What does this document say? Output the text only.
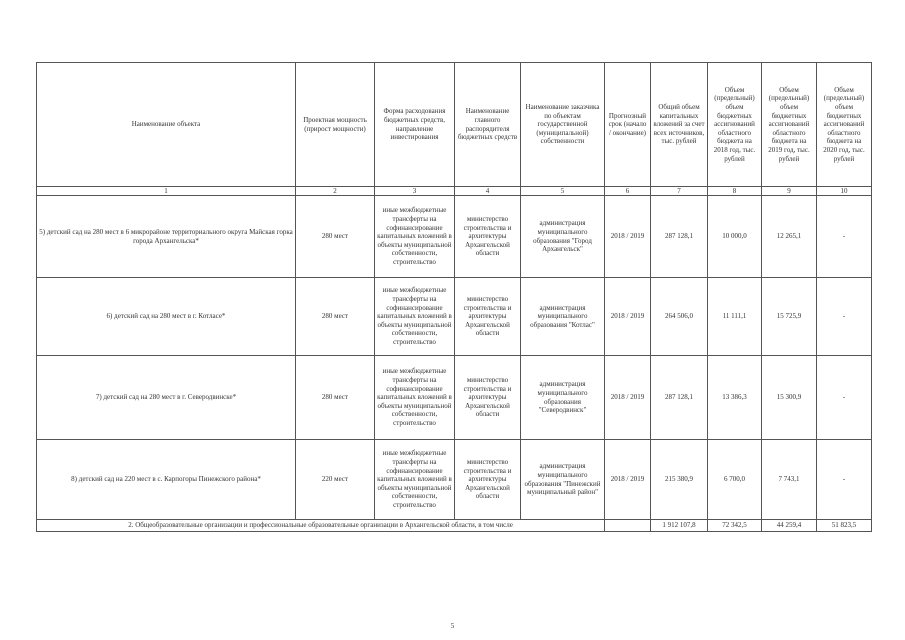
Наименование объекта	Проектная мощность (прирост мощности)	Форма расходования бюджетных средств, направление инвестирования	Наименование главного распорядителя бюджетных средств	Наименование заказчика по объектам государственной (муниципальной) собственности	Прогнозный срок (начало / окончание)	Общий объем капитальных вложений за счет всех источников, тыс. рублей	Объем (предельный) объем бюджетных ассигнований областного бюджета на 2018 год, тыс. рублей	Объем (предельный) объем бюджетных ассигнований областного бюджета на 2019 год, тыс. рублей	Объем (предельный) объем бюджетных ассигнований областного бюджета на 2020 год, тыс. рублей
1	2	3	4	5	6	7	8	9	10
5) детский сад на 280 мест в 6 микрорайоне территориального округа Майская горка города Архангельска*	280 мест	иные межбюджетные трансферты на софинансирование капитальных вложений в объекты муниципальной собственности, строительство	министерство строительства и архитектуры Архангельской области	администрация муниципального образования "Город Архангельск"	2018 / 2019	287 128,1	10 000,0	12 265,1	-
6) детский сад на 280 мест в г. Котласе*	280 мест	иные межбюджетные трансферты на софинансирование капитальных вложений в объекты муниципальной собственности, строительство	министерство строительства и архитектуры Архангельской области	администрация муниципального образования "Котлас"	2018 / 2019	264 506,0	11 111,1	15 725,9	-
7) детский сад на 280 мест в г. Северодвинске*	280 мест	иные межбюджетные трансферты на софинансирование капитальных вложений в объекты муниципальной собственности, строительство	министерство строительства и архитектуры Архангельской области	администрация муниципального образования "Северодвинск"	2018 / 2019	287 128,1	13 386,3	15 300,9	-
8) детский сад на 220 мест в с. Карпогоры Пинежского района*	220 мест	иные межбюджетные трансферты на софинансирование капитальных вложений в объекты муниципальной собственности, строительство	министерство строительства и архитектуры Архангельской области	администрация муниципального образования "Пинежский муниципальный район"	2018 / 2019	215 380,9	6 700,0	7 743,1	-
2. Общеобразовательные организации и профессиональные образовательные организации в Архангельской области, в том числе						1 912 107,8	72 342,5	44 259,4	51 823,5
5
